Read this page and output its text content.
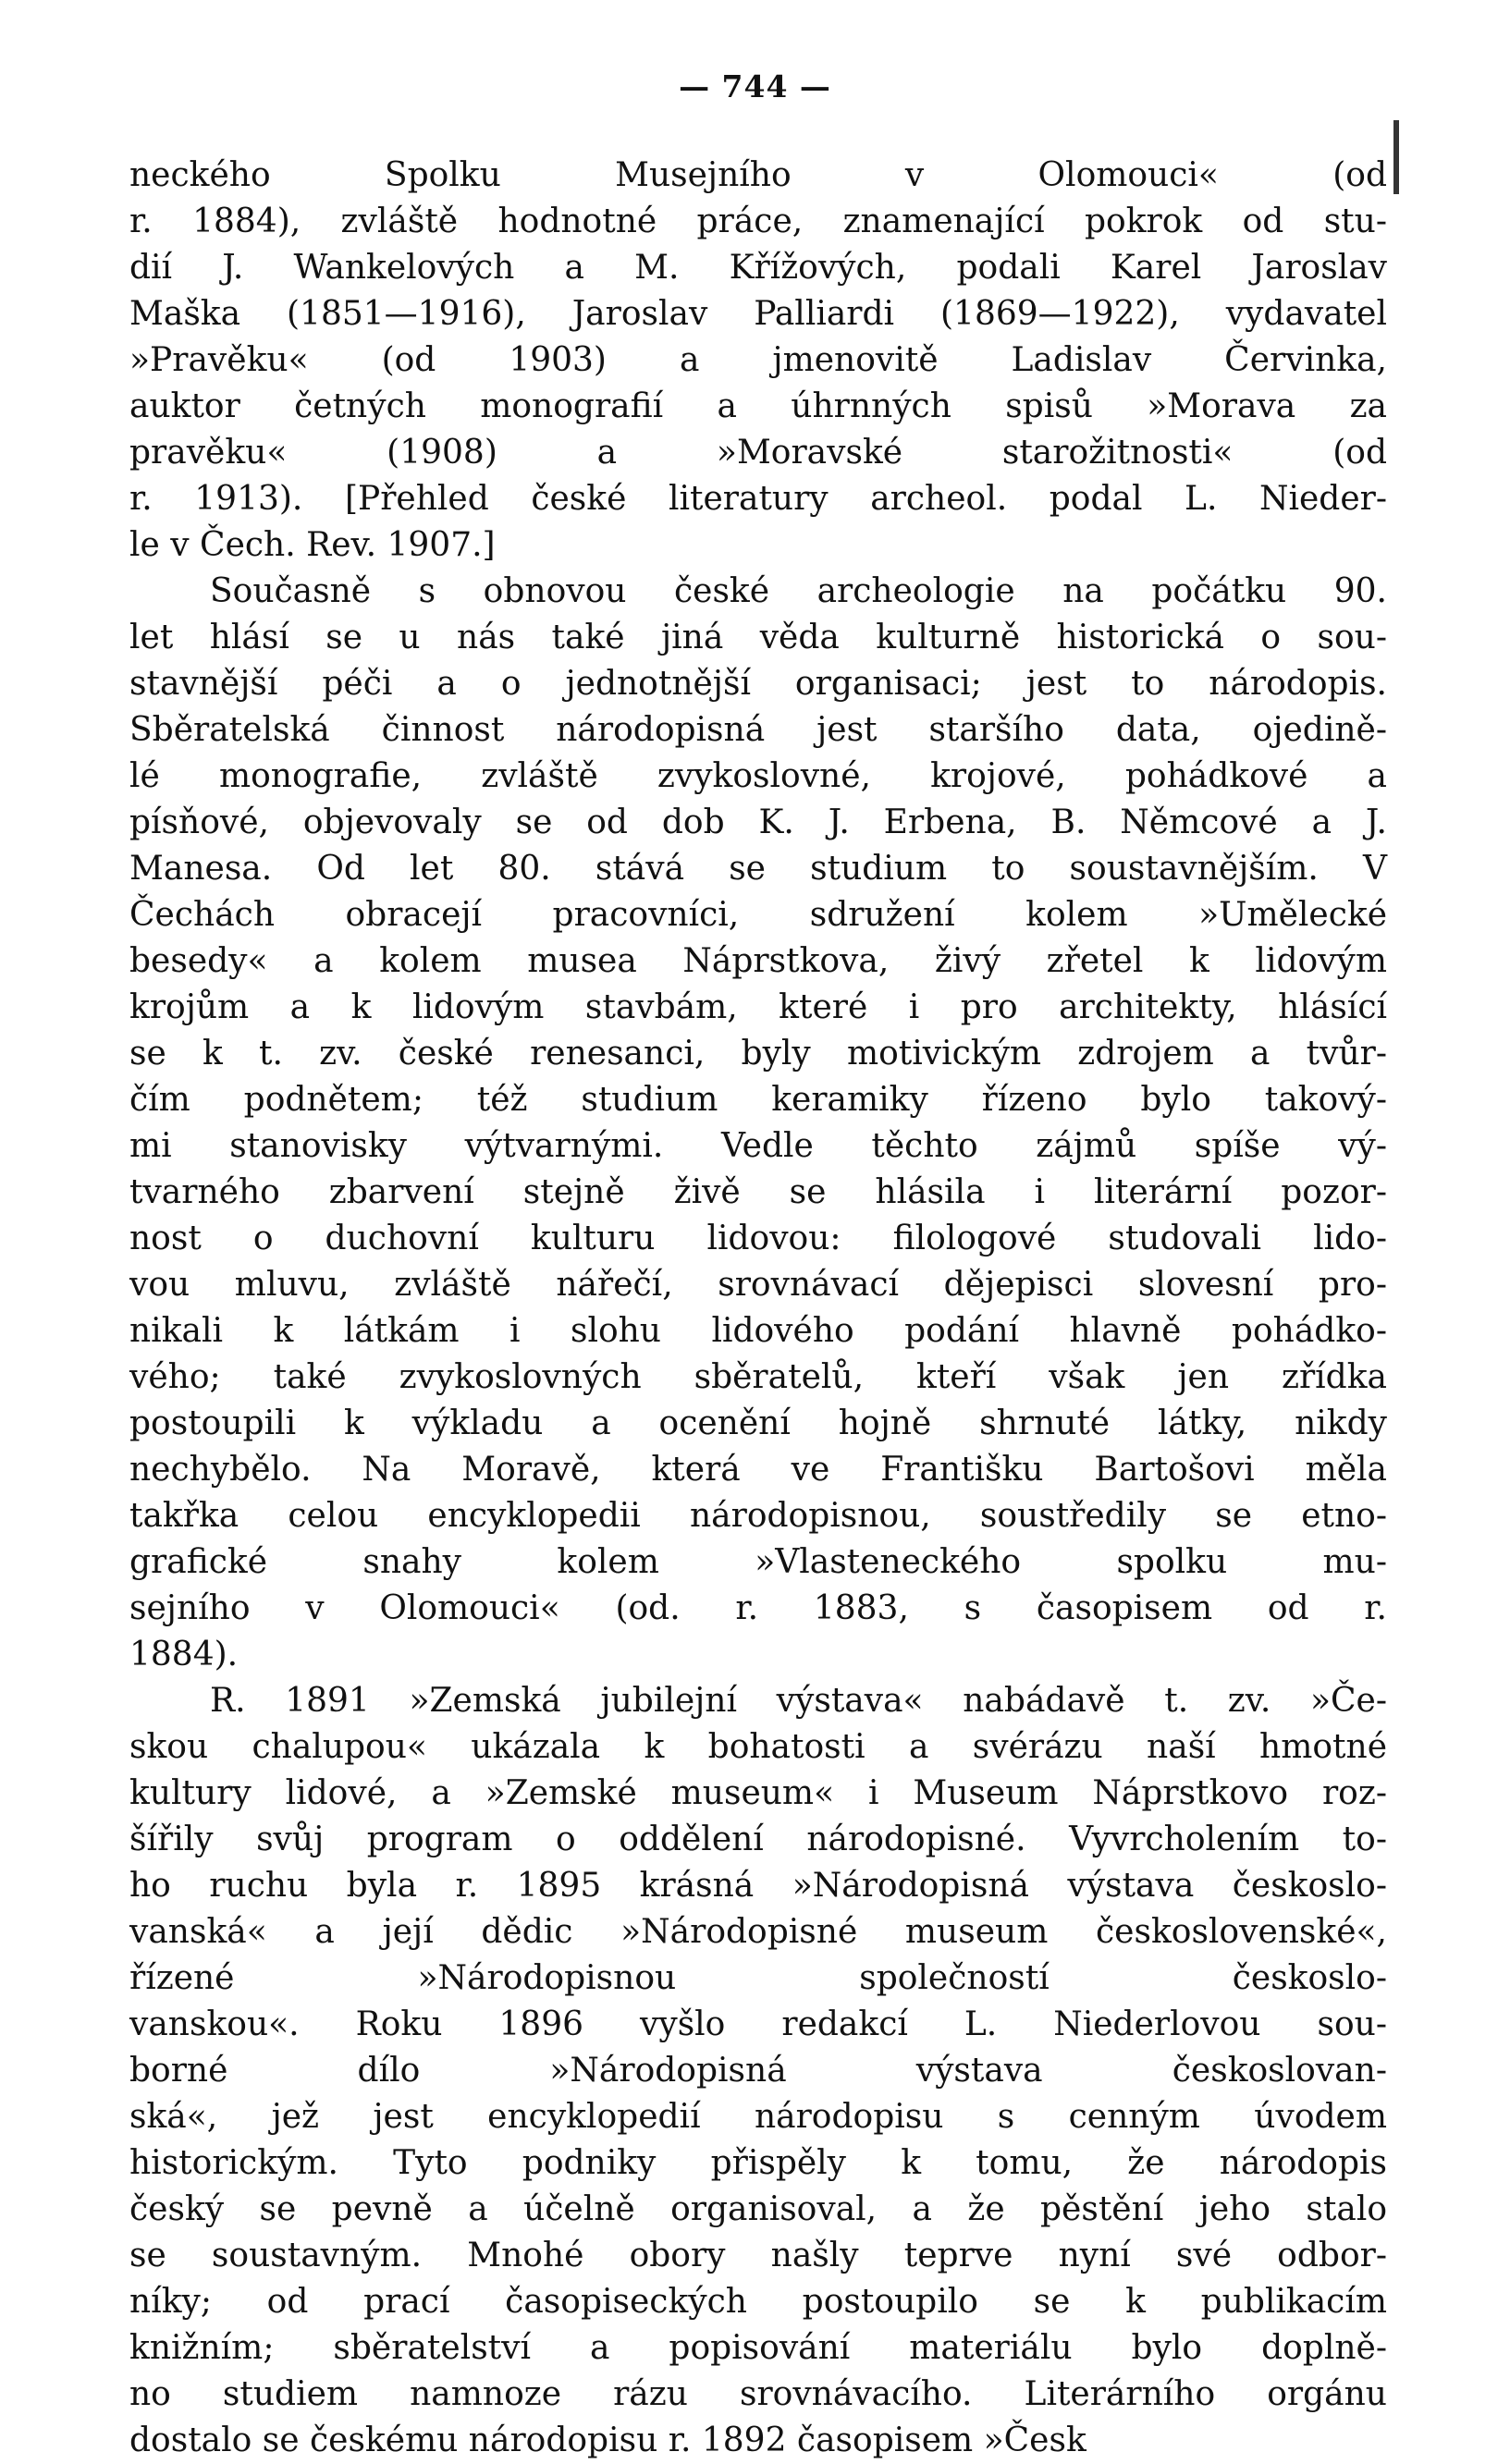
— 744 —
neckého Spolku Musejního v Olomouci« (od
r. 1884), zvláště hodnotné práce, znamenající pokrok od stu-
dií J. Wankelových a M. Křížových, podali Karel Jaroslav
Maška (1851—1916), Jaroslav Palliardi (1869—1922), vydavatel
»Pravěku« (od 1903) a jmenovitě Ladislav Červinka,
auktor četných monografií a úhrnných spisů »Morava za
pravěku« (1908) a »Moravské starožitnosti« (od
r. 1913). [Přehled české literatury archeol. podal L. Nieder-
le v Čech. Rev. 1907.]
Současně s obnovou české archeologie na počátku 90.
let hlásí se u nás také jiná věda kulturně historická o sou-
stavnější péči a o jednotnější organisaci; jest to národopis.
Sběratelská činnost národopisná jest staršího data, ojedině-
lé monografie, zvláště zvykoslovné, krojové, pohádkové a
písňové, objevovaly se od dob K. J. Erbena, B. Němcové a J.
Manesa. Od let 80. stává se studium to soustavnějším. V
Čechách obracejí pracovníci, sdružení kolem »Umělecké
besedy« a kolem musea Náprstkova, živý zřetel k lidovým
krojům a k lidovým stavbám, které i pro architekty, hlásící
se k t. zv. české renesanci, byly motivickým zdrojem a tvůr-
čím podnětem; též studium keramiky řízeno bylo takový-
mi stanovisky výtvarnými. Vedle těchto zájmů spíše vý-
tvarného zbarvení stejně živě se hlásila i literární pozor-
nost o duchovní kulturu lidovou: filologové studovali lido-
vou mluvu, zvláště nářečí, srovnávací dějepisci slovesní pro-
nikali k látkám i slohu lidového podání hlavně pohádko-
vého; také zvykoslovných sběratelů, kteří však jen zřídka
postoupili k výkladu a ocenění hojně shrnuté látky, nikdy
nechybělo. Na Moravě, která ve Františku Bartošovi měla
takřka celou encyklopedii národopisnou, soustředily se etno-
grafické snahy kolem »Vlasteneckého spolku mu-
sejního v Olomouci« (od. r. 1883, s časopisem od r.
1884).
R. 1891 »Zemská jubilejní výstava« nabádavě t. zv. »Če-
skou chalupou« ukázala k bohatosti a svérázu naší hmotné
kultury lidové, a »Zemské museum« i Museum Náprstkovo roz-
šířily svůj program o oddělení národopisné. Vyvrcholením to-
ho ruchu byla r. 1895 krásná »Národopisná výstava českoslo-
vanská« a její dědic »Národopisné museum československé«,
řízené »Národopisnou společností českoslo-
vanskou«. Roku 1896 vyšlo redakcí L. Niederlovou sou-
borné dílo »Národopisná výstava českoslovan-
ská«, jež jest encyklopedií národopisu s cenným úvodem
historickým. Tyto podniky přispěly k tomu, že národopis
český se pevně a účelně organisoval, a že pěstění jeho stalo
se soustavným. Mnohé obory našly teprve nyní své odbor-
níky; od prací časopiseckých postoupilo se k publikacím
knižním; sběratelství a popisování materiálu bylo doplně-
no studiem namnoze rázu srovnávacího. Literárního orgánu
dostalo se českému národopisu r. 1892 časopisem »Česk
